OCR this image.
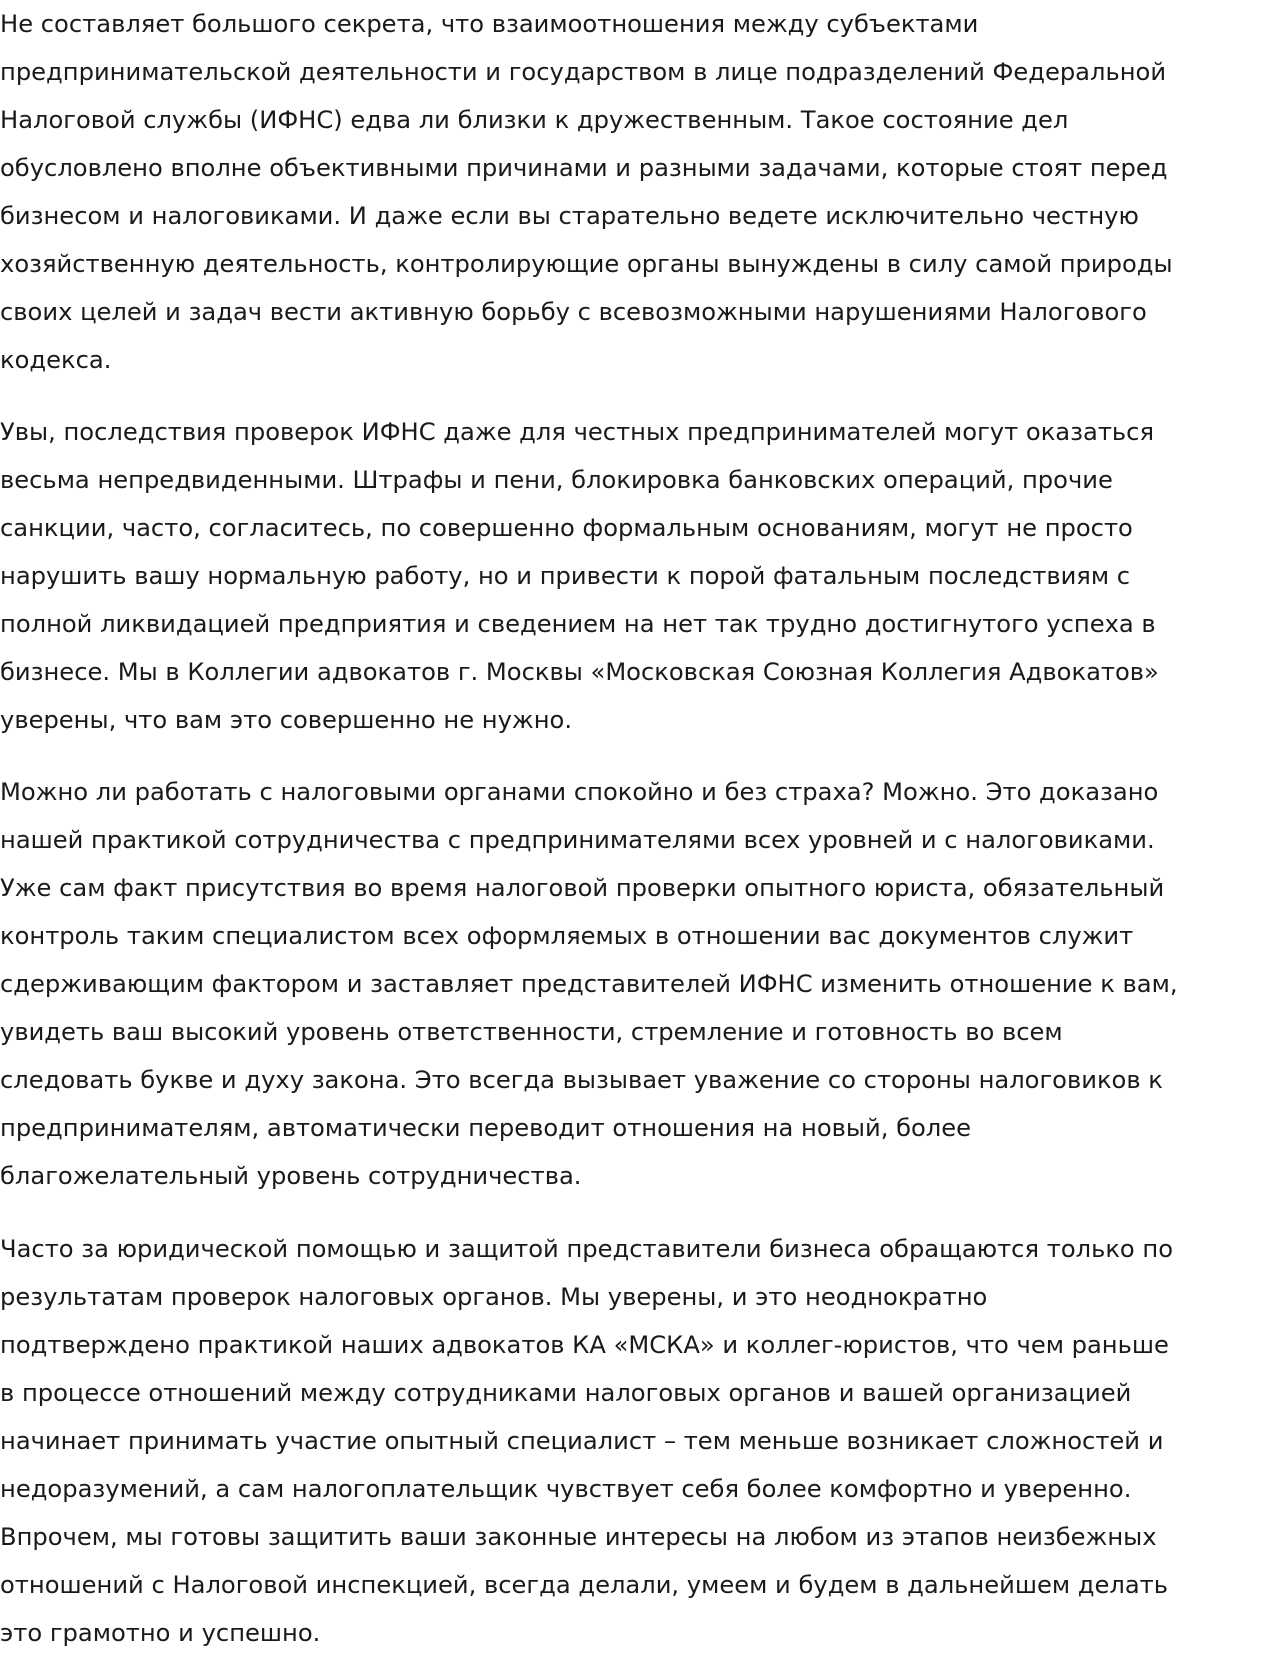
Не составляет большого секрета, что взаимоотношения между субъектами
предпринимательской деятельности и государством в лице подразделений Федеральной
Налоговой службы (ИФНС) едва ли близки к дружественным. Такое состояние дел
обусловлено вполне объективными причинами и разными задачами, которые стоят перед
бизнесом и налоговиками. И даже если вы старательно ведете исключительно честную
хозяйственную деятельность, контролирующие органы вынуждены в силу самой природы
своих целей и задач вести активную борьбу с всевозможными нарушениями Налогового
кодекса.

Увы, последствия проверок ИФНС даже для честных предпринимателей могут оказаться
весьма непредвиденными. Штрафы и пени, блокировка банковских операций, прочие
санкции, часто, согласитесь, по совершенно формальным основаниям, могут не просто
нарушить вашу нормальную работу, но и привести к порой фатальным последствиям с
полной ликвидацией предприятия и сведением на нет так трудно достигнутого успеха в
бизнесе. Мы в Коллегии адвокатов г. Москвы «Московская Союзная Коллегия Адвокатов»
уверены, что вам это совершенно не нужно.

Можно ли работать с налоговыми органами спокойно и без страха? Можно. Это доказано
нашей практикой сотрудничества с предпринимателями всех уровней и с налоговиками.
Уже сам факт присутствия во время налоговой проверки опытного юриста, обязательный
контроль таким специалистом всех оформляемых в отношении вас документов служит
сдерживающим фактором и заставляет представителей ИФНС изменить отношение к вам,
увидеть ваш высокий уровень ответственности, стремление и готовность во всем
следовать букве и духу закона. Это всегда вызывает уважение со стороны налоговиков к
предпринимателям, автоматически переводит отношения на новый, более
благожелательный уровень сотрудничества.

Часто за юридической помощью и защитой представители бизнеса обращаются только по
результатам проверок налоговых органов. Мы уверены, и это неоднократно
подтверждено практикой наших адвокатов КА «МСКА» и коллег-юристов, что чем раньше
в процессе отношений между сотрудниками налоговых органов и вашей организацией
начинает принимать участие опытный специалист – тем меньше возникает сложностей и
недоразумений, а сам налогоплательщик чувствует себя более комфортно и уверенно.
Впрочем, мы готовы защитить ваши законные интересы на любом из этапов неизбежных
отношений с Налоговой инспекцией, всегда делали, умеем и будем в дальнейшем делать
это грамотно и успешно.
